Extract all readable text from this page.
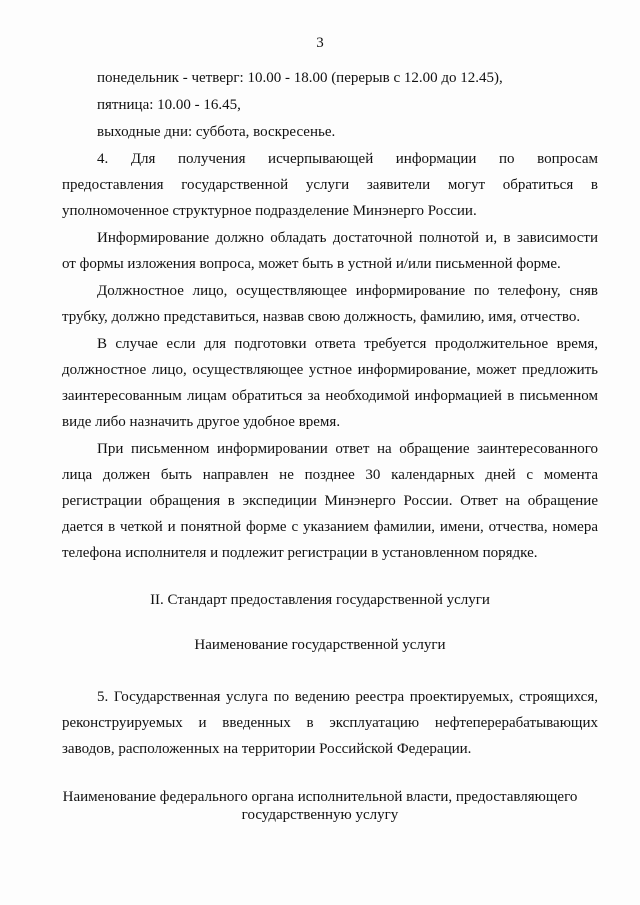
3
понедельник - четверг: 10.00 - 18.00 (перерыв с 12.00 до 12.45),
пятница: 10.00 - 16.45,
выходные дни: суббота, воскресенье.
4. Для получения исчерпывающей информации по вопросам
предоставления государственной услуги заявители могут обратиться в
уполномоченное структурное подразделение Минэнерго России.
Информирование должно обладать достаточной полнотой и, в зависимости
от формы изложения вопроса, может быть в устной и/или письменной форме.
Должностное лицо, осуществляющее информирование по телефону, сняв
трубку, должно представиться, назвав свою должность, фамилию, имя, отчество.
В случае если для подготовки ответа требуется продолжительное время,
должностное лицо, осуществляющее устное информирование, может предложить
заинтересованным лицам обратиться за необходимой информацией в письменном
виде либо назначить другое удобное время.
При письменном информировании ответ на обращение заинтересованного
лица должен быть направлен не позднее 30 календарных дней с момента
регистрации обращения в экспедиции Минэнерго России. Ответ на обращение
дается в четкой и понятной форме с указанием фамилии, имени, отчества, номера
телефона исполнителя и подлежит регистрации в установленном порядке.
II. Стандарт предоставления государственной услуги
Наименование государственной услуги
5. Государственная услуга по ведению реестра проектируемых, строящихся,
реконструируемых и введенных в эксплуатацию нефтеперерабатывающих
заводов, расположенных на территории Российской Федерации.
Наименование федерального органа исполнительной власти, предоставляющего
государственную услугу
